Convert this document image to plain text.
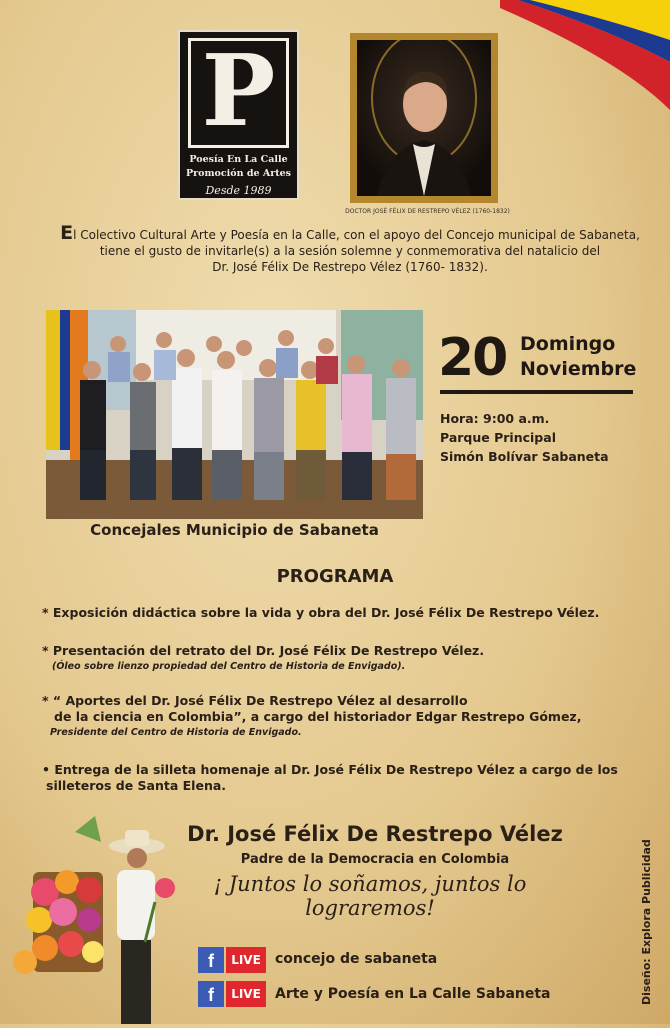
P
Poesía En La Calle
Promoción de Artes
Desde 1989
DOCTOR JOSÉ FÉLIX DE RESTREPO VÉLEZ (1760-1832)
El Colectivo Cultural Arte y Poesía en la Calle, con el apoyo del Concejo municipal de Sabaneta,
tiene el gusto de invitarle(s) a la sesión solemne y conmemorativa del natalicio del
Dr. José Félix De Restrepo Vélez (1760- 1832).
Concejales Municipio de Sabaneta
20 Domingo
Noviembre
Hora: 9:00 a.m.
Parque Principal
Simón Bolívar Sabaneta
PROGRAMA
* Exposición didáctica sobre la vida y obra del Dr. José Félix De Restrepo Vélez.
* Presentación del retrato del Dr. José Félix De Restrepo Vélez.
(Óleo sobre lienzo propiedad del Centro de Historia de Envigado).
* “ Aportes del Dr. José Félix De Restrepo Vélez al desarrollo
de la ciencia en Colombia”, a cargo del historiador Edgar Restrepo Gómez,
Presidente del Centro de Historia de Envigado.
• Entrega de la silleta homenaje al Dr. José Félix De Restrepo Vélez a cargo de los
silleteros de Santa Elena.
Dr. José Félix De Restrepo Vélez
Padre de la Democracia en Colombia
¡ Juntos lo soñamos, juntos lo lograremos!
f	LIVE	concejo de sabaneta
f	LIVE	Arte y Poesía en La Calle Sabaneta	Diseño: Explora Publicidad
